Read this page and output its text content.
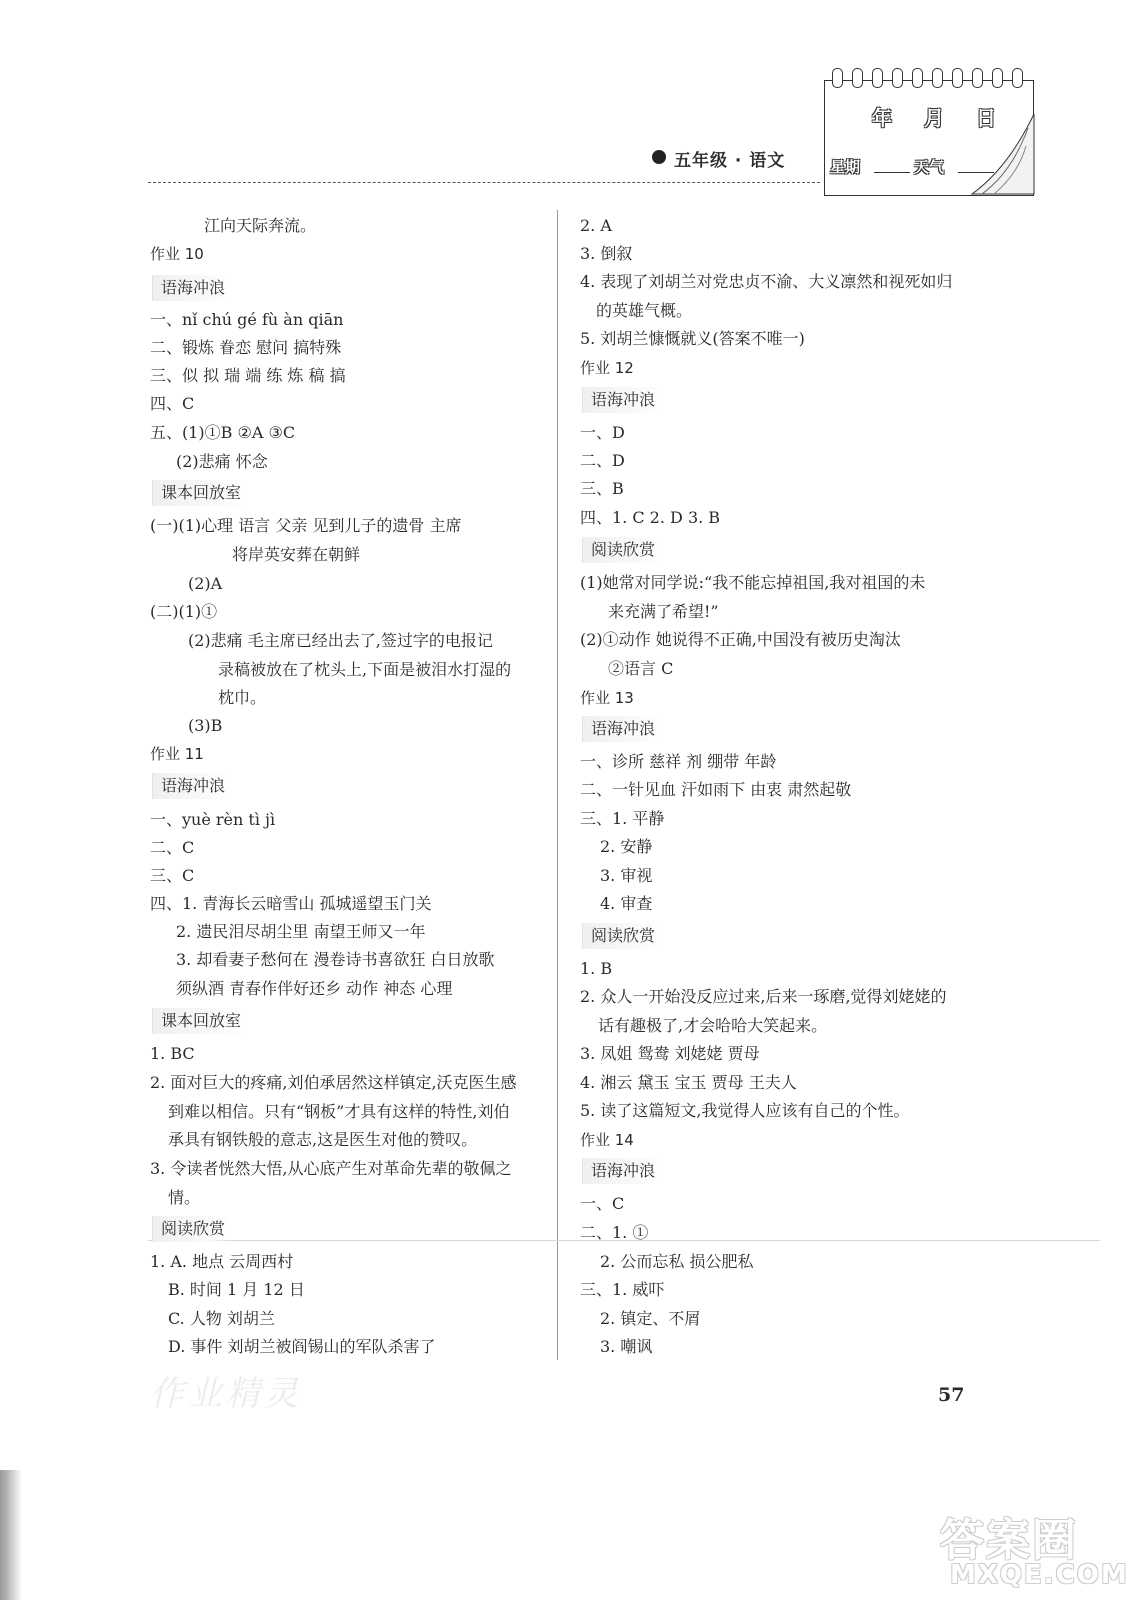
年 月 日
星期	天气
五年级 · 语文
江向天际奔流。
作业 10
语海冲浪
一、nǐ chú gé fù àn qiān
二、锻炼 眷恋 慰问 搞特殊
三、似 拟 瑞 端 练 炼 稿 搞
四、C
五、(1)①B ②A ③C
(2)悲痛 怀念
课本回放室
(一)(1)心理 语言 父亲 见到儿子的遗骨 主席
将岸英安葬在朝鲜
(2)A
(二)(1)①
(2)悲痛 毛主席已经出去了,签过字的电报记
录稿被放在了枕头上,下面是被泪水打湿的
枕巾。
(3)B
作业 11
语海冲浪
一、yuè rèn tì jì
二、C
三、C
四、1. 青海长云暗雪山 孤城遥望玉门关
2. 遗民泪尽胡尘里 南望王师又一年
3. 却看妻子愁何在 漫卷诗书喜欲狂 白日放歌
须纵酒 青春作伴好还乡 动作 神态 心理
课本回放室
1. BC
2. 面对巨大的疼痛,刘伯承居然这样镇定,沃克医生感
到难以相信。只有“钢板”才具有这样的特性,刘伯
承具有钢铁般的意志,这是医生对他的赞叹。
3. 令读者恍然大悟,从心底产生对革命先辈的敬佩之
情。
阅读欣赏
1. A. 地点 云周西村
B. 时间 1 月 12 日
C. 人物 刘胡兰
D. 事件 刘胡兰被阎锡山的军队杀害了
2. A
3. 倒叙
4. 表现了刘胡兰对党忠贞不渝、大义凛然和视死如归
的英雄气概。
5. 刘胡兰慷慨就义(答案不唯一)
作业 12
语海冲浪
一、D
二、D
三、B
四、1. C 2. D 3. B
阅读欣赏
(1)她常对同学说:“我不能忘掉祖国,我对祖国的未
来充满了希望!”
(2)①动作 她说得不正确,中国没有被历史淘汰
②语言 C
作业 13
语海冲浪
一、诊所 慈祥 剂 绷带 年龄
二、一针见血 汗如雨下 由衷 肃然起敬
三、1. 平静
2. 安静
3. 审视
4. 审查
阅读欣赏
1. B
2. 众人一开始没反应过来,后来一琢磨,觉得刘姥姥的
话有趣极了,才会哈哈大笑起来。
3. 凤姐 鸳鸯 刘姥姥 贾母
4. 湘云 黛玉 宝玉 贾母 王夫人
5. 读了这篇短文,我觉得人应该有自己的个性。
作业 14
语海冲浪
一、C
二、1. ①
2. 公而忘私 损公肥私
三、1. 威吓
2. 镇定、不屑
3. 嘲讽
57
作业精灵
答案圈
MXQE.COM
